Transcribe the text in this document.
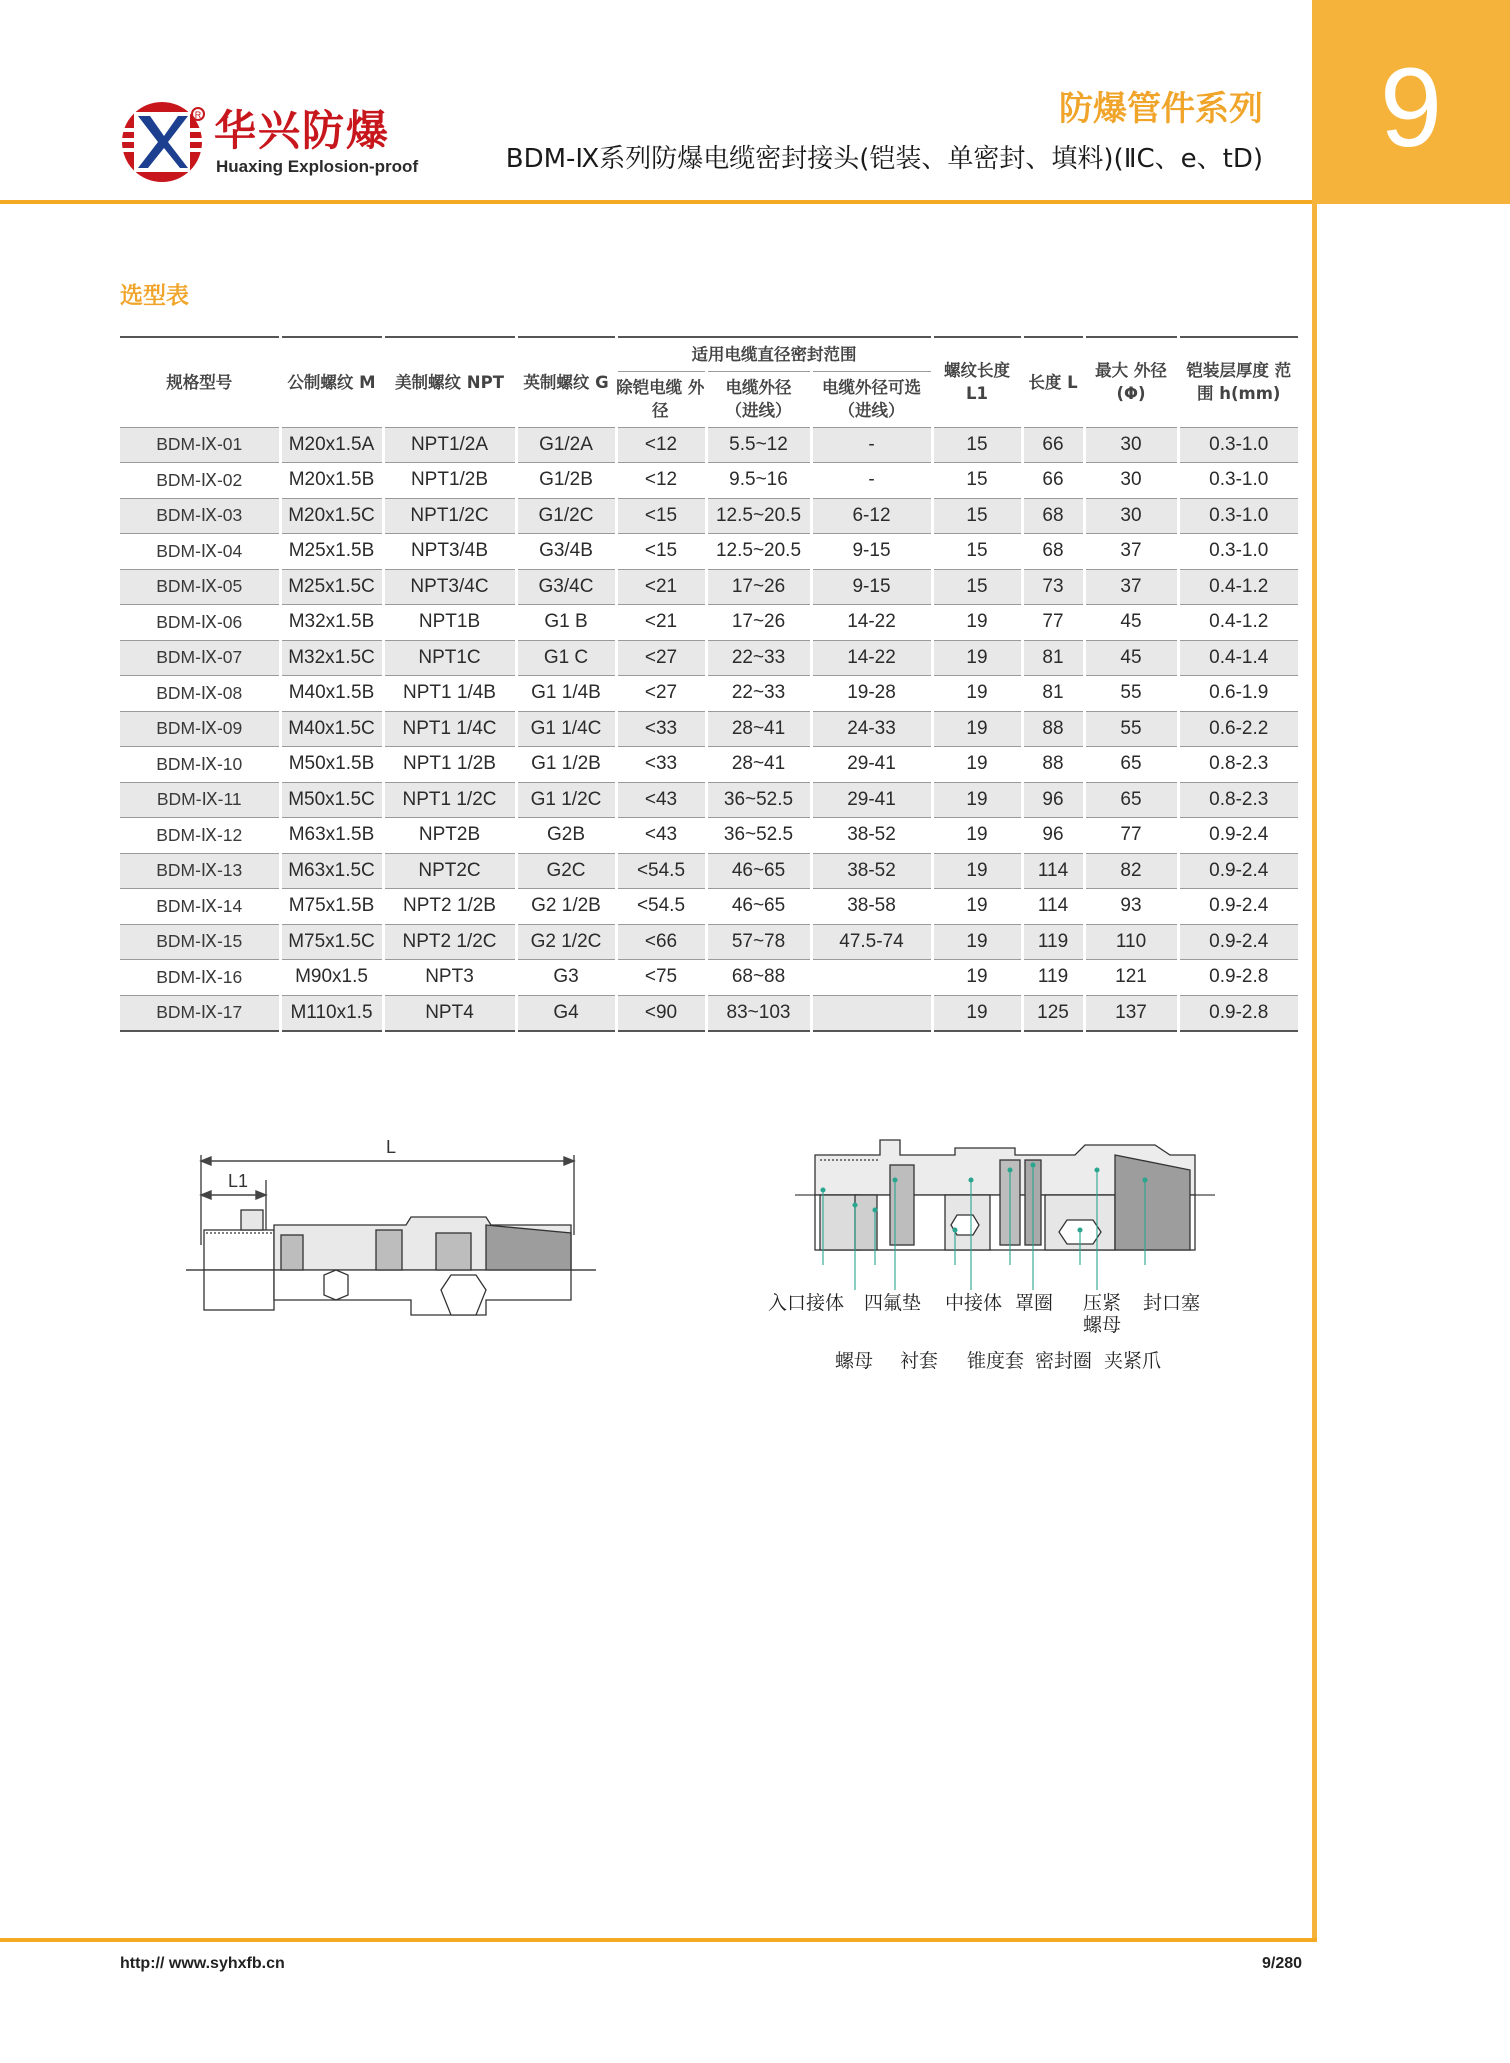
9
R 华兴防爆
Huaxing Explosion-proof
防爆管件系列
BDM-Ⅸ系列防爆电缆密封接头(铠装、单密封、填料)(ⅡC、e、tD)
选型表
规格型号	公制螺纹 M	美制螺纹 NPT	英制螺纹 G	适用电缆直径密封范围			螺纹长度 L1	长度 L	最大 外径 (Φ)	铠装层厚度 范围 h(mm)
				除铠电缆 外径	电缆外径 （进线）	电缆外径可选 （进线）				
BDM-Ⅸ-01	M20x1.5A	NPT1/2A	G1/2A	<12	5.5~12	-	15	66	30	0.3-1.0
BDM-Ⅸ-02	M20x1.5B	NPT1/2B	G1/2B	<12	9.5~16	-	15	66	30	0.3-1.0
BDM-Ⅸ-03	M20x1.5C	NPT1/2C	G1/2C	<15	12.5~20.5	6-12	15	68	30	0.3-1.0
BDM-Ⅸ-04	M25x1.5B	NPT3/4B	G3/4B	<15	12.5~20.5	9-15	15	68	37	0.3-1.0
BDM-Ⅸ-05	M25x1.5C	NPT3/4C	G3/4C	<21	17~26	9-15	15	73	37	0.4-1.2
BDM-Ⅸ-06	M32x1.5B	NPT1B	G1 B	<21	17~26	14-22	19	77	45	0.4-1.2
BDM-Ⅸ-07	M32x1.5C	NPT1C	G1 C	<27	22~33	14-22	19	81	45	0.4-1.4
BDM-Ⅸ-08	M40x1.5B	NPT1 1/4B	G1 1/4B	<27	22~33	19-28	19	81	55	0.6-1.9
BDM-Ⅸ-09	M40x1.5C	NPT1 1/4C	G1 1/4C	<33	28~41	24-33	19	88	55	0.6-2.2
BDM-Ⅸ-10	M50x1.5B	NPT1 1/2B	G1 1/2B	<33	28~41	29-41	19	88	65	0.8-2.3
BDM-Ⅸ-11	M50x1.5C	NPT1 1/2C	G1 1/2C	<43	36~52.5	29-41	19	96	65	0.8-2.3
BDM-Ⅸ-12	M63x1.5B	NPT2B	G2B	<43	36~52.5	38-52	19	96	77	0.9-2.4
BDM-Ⅸ-13	M63x1.5C	NPT2C	G2C	<54.5	46~65	38-52	19	114	82	0.9-2.4
BDM-Ⅸ-14	M75x1.5B	NPT2 1/2B	G2 1/2B	<54.5	46~65	38-58	19	114	93	0.9-2.4
BDM-Ⅸ-15	M75x1.5C	NPT2 1/2C	G2 1/2C	<66	57~78	47.5-74	19	119	110	0.9-2.4
BDM-Ⅸ-16	M90x1.5	NPT3	G3	<75	68~88		19	119	121	0.9-2.8
BDM-Ⅸ-17	M110x1.5	NPT4	G4	<90	83~103		19	125	137	0.9-2.8
L
L1
入口接体 四氟垫 中接体 罩圈 压紧
螺母
封口塞
螺母 衬套 锥度套 密封圈 夹紧爪
http:// www.syhxfb.cn	9/280
